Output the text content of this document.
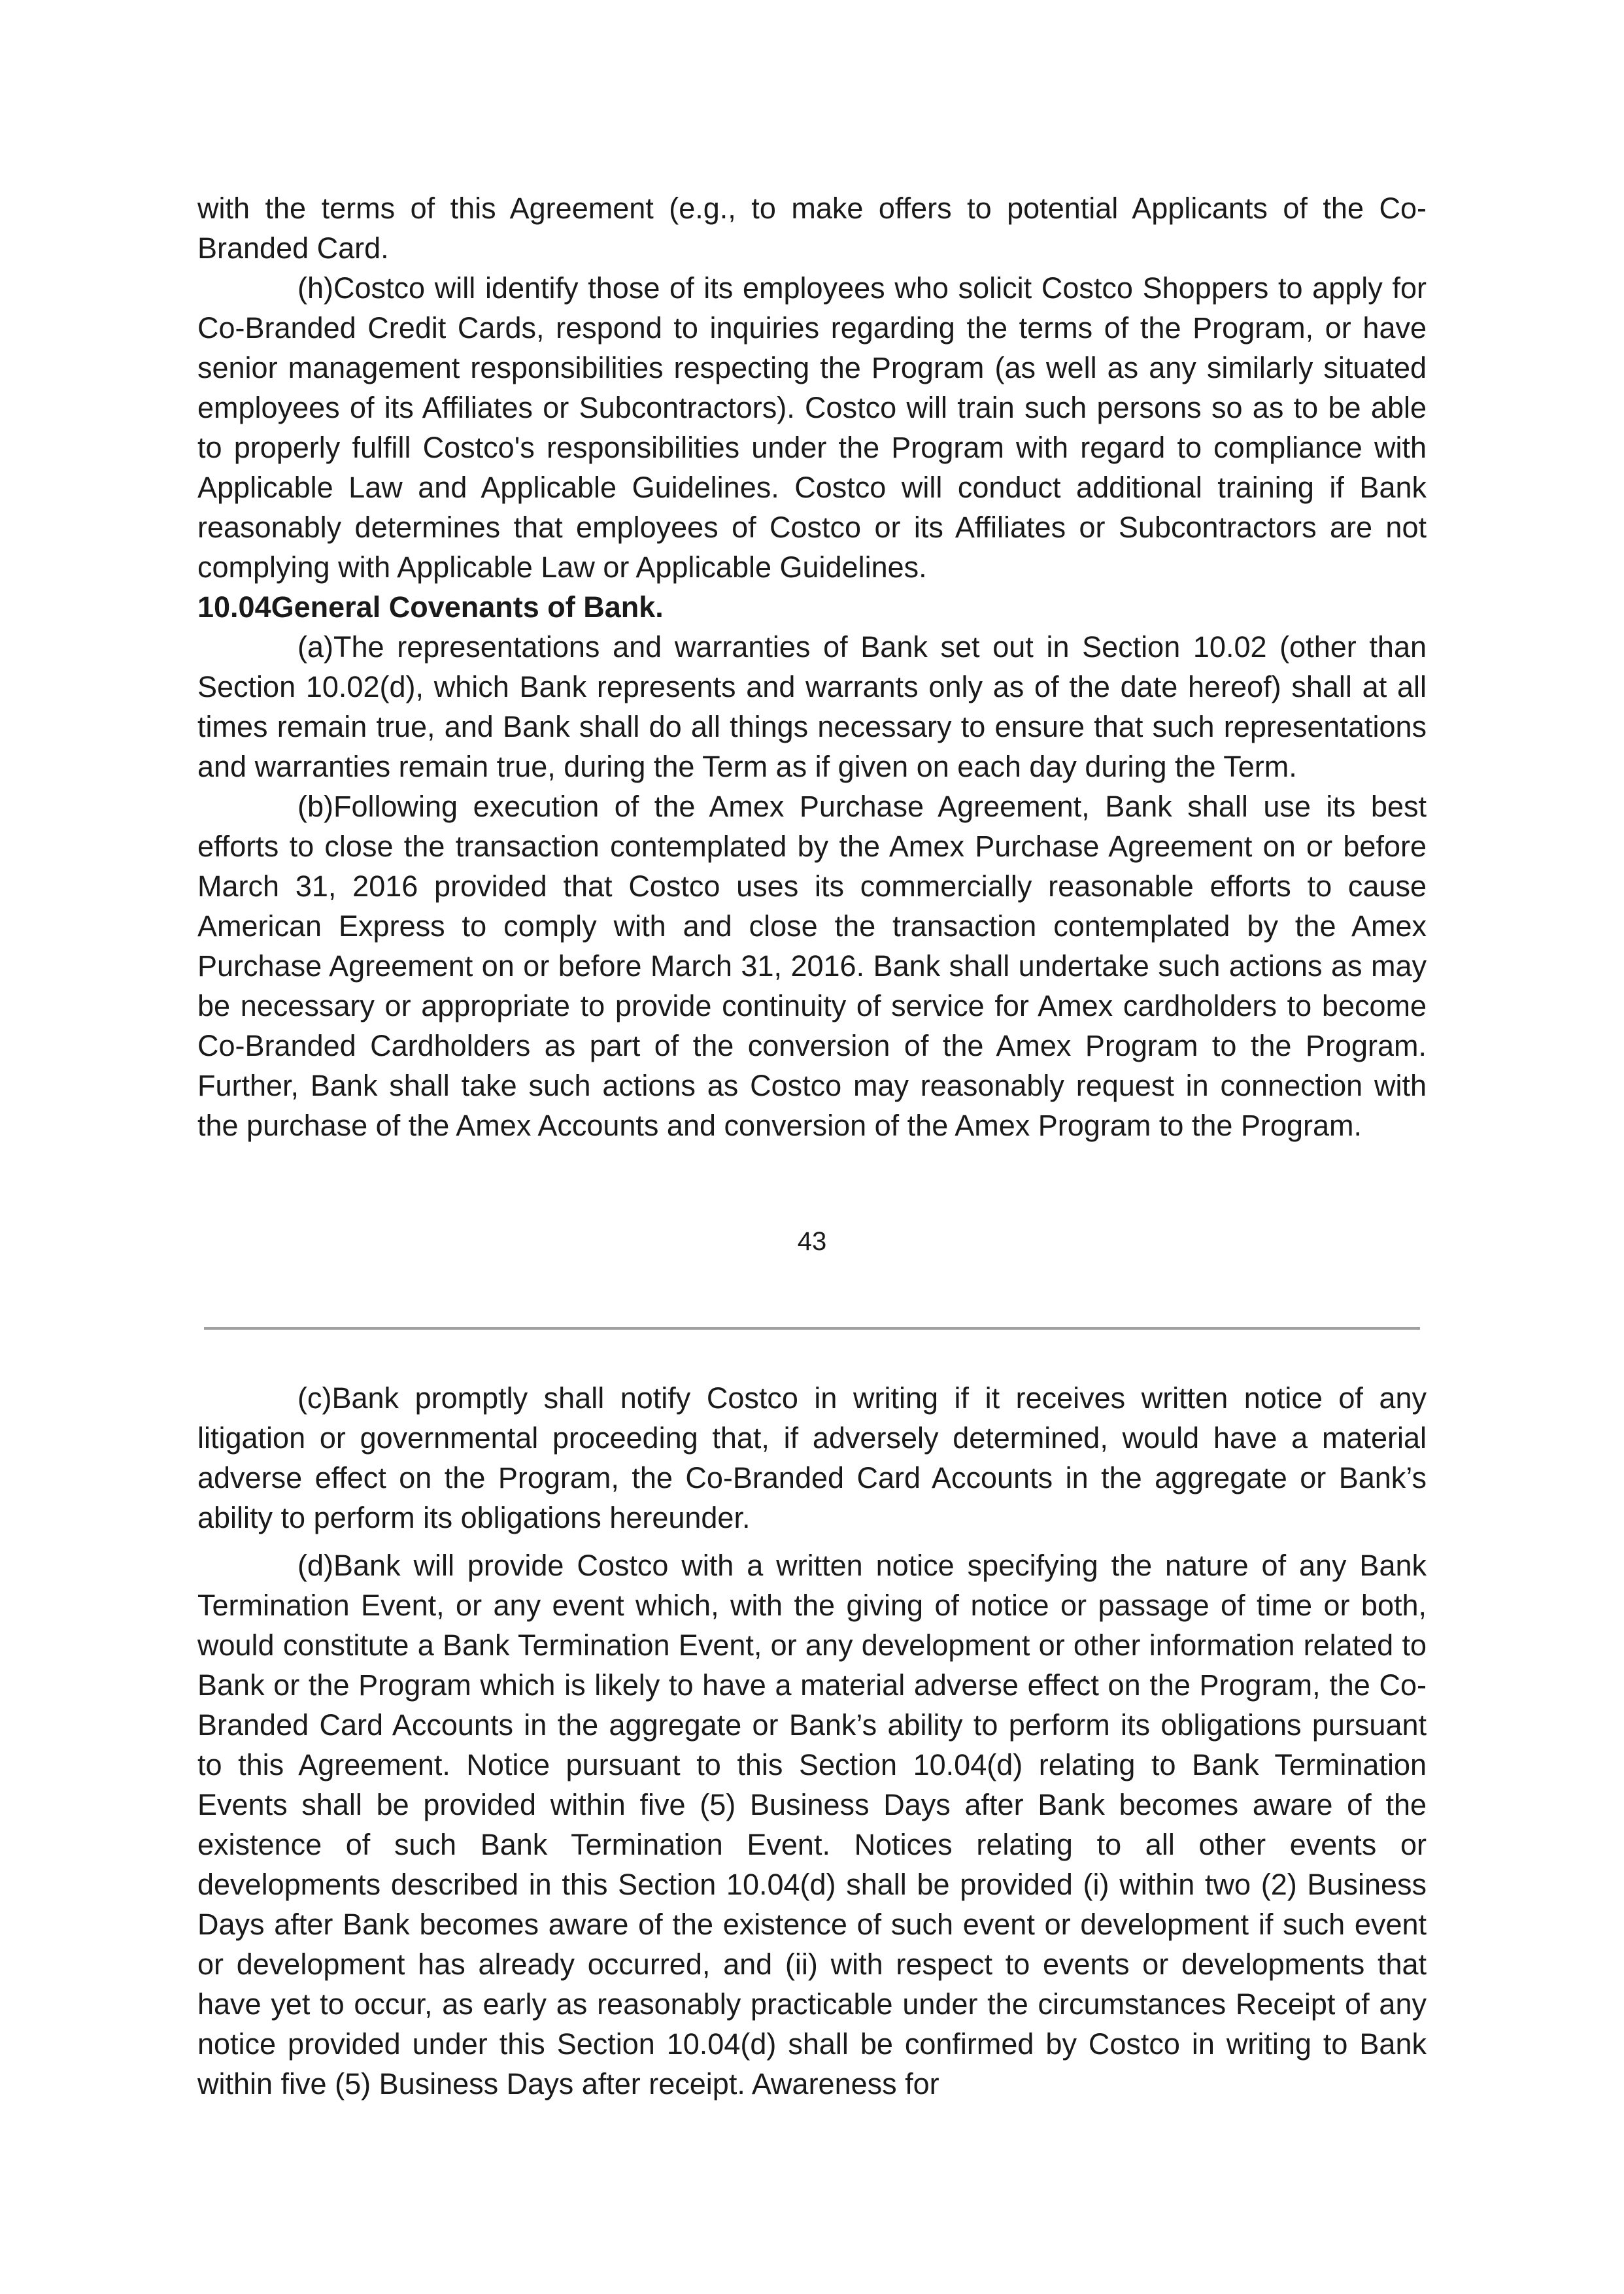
with the terms of this Agreement (e.g., to make offers to potential Applicants of the Co-Branded Card.

(h)Costco will identify those of its employees who solicit Costco Shoppers to apply for Co-Branded Credit Cards, respond to inquiries regarding the terms of the Program, or have senior management responsibilities respecting the Program (as well as any similarly situated employees of its Affiliates or Subcontractors). Costco will train such persons so as to be able to properly fulfill Costco's responsibilities under the Program with regard to compliance with Applicable Law and Applicable Guidelines. Costco will conduct additional training if Bank reasonably determines that employees of Costco or its Affiliates or Subcontractors are not complying with Applicable Law or Applicable Guidelines.

10.04General Covenants of Bank.

(a)The representations and warranties of Bank set out in Section 10.02 (other than Section 10.02(d), which Bank represents and warrants only as of the date hereof) shall at all times remain true, and Bank shall do all things necessary to ensure that such representations and warranties remain true, during the Term as if given on each day during the Term.

(b)Following execution of the Amex Purchase Agreement, Bank shall use its best efforts to close the transaction contemplated by the Amex Purchase Agreement on or before March 31, 2016 provided that Costco uses its commercially reasonable efforts to cause American Express to comply with and close the transaction contemplated by the Amex Purchase Agreement on or before March 31, 2016. Bank shall undertake such actions as may be necessary or appropriate to provide continuity of service for Amex cardholders to become Co-Branded Cardholders as part of the conversion of the Amex Program to the Program. Further, Bank shall take such actions as Costco may reasonably request in connection with the purchase of the Amex Accounts and conversion of the Amex Program to the Program.

43

(c)Bank promptly shall notify Costco in writing if it receives written notice of any litigation or governmental proceeding that, if adversely determined, would have a material adverse effect on the Program, the Co-Branded Card Accounts in the aggregate or Bank’s ability to perform its obligations hereunder.

(d)Bank will provide Costco with a written notice specifying the nature of any Bank Termination Event, or any event which, with the giving of notice or passage of time or both, would constitute a Bank Termination Event, or any development or other information related to Bank or the Program which is likely to have a material adverse effect on the Program, the Co-Branded Card Accounts in the aggregate or Bank’s ability to perform its obligations pursuant to this Agreement. Notice pursuant to this Section 10.04(d) relating to Bank Termination Events shall be provided within five (5) Business Days after Bank becomes aware of the existence of such Bank Termination Event. Notices relating to all other events or developments described in this Section 10.04(d) shall be provided (i) within two (2) Business Days after Bank becomes aware of the existence of such event or development if such event or development has already occurred, and (ii) with respect to events or developments that have yet to occur, as early as reasonably practicable under the circumstances Receipt of any notice provided under this Section 10.04(d) shall be confirmed by Costco in writing to Bank within five (5) Business Days after receipt. Awareness for
